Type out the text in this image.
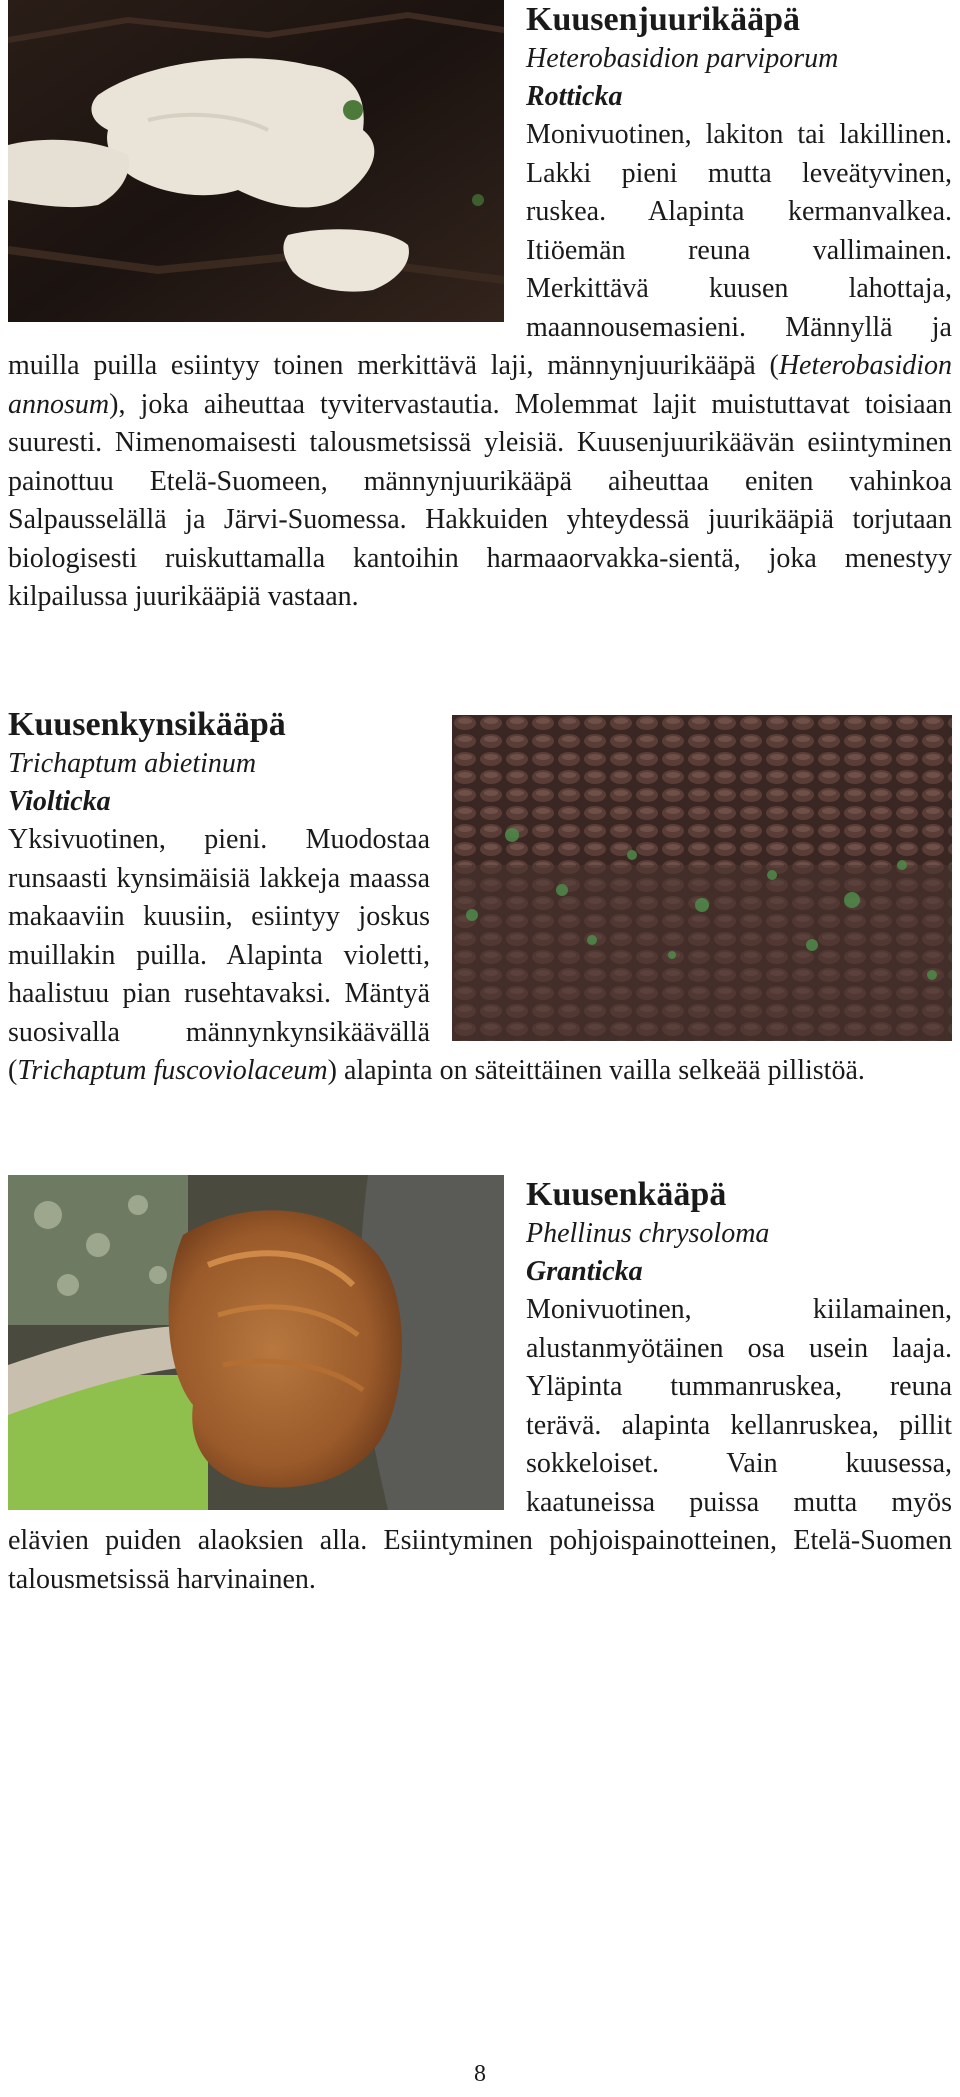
Kuusenjuurikääpä

Heterobasidion parviporum

Rotticka

Monivuotinen, lakiton tai lakillinen. Lakki pieni mutta leveätyvinen, ruskea. Alapinta kermanvalkea. Itiöemän reuna vallimainen. Merkittävä kuusen lahottaja, maannousemasieni. Männyllä ja muilla puilla esiintyy toinen merkittävä laji, männynjuurikääpä (Heterobasidion annosum), joka aiheuttaa tyvitervastautia. Molemmat lajit muistuttavat toisiaan suuresti. Nimenomaisesti talousmetsissä yleisiä. Kuusenjuurikäävän esiintyminen painottuu Etelä-Suomeen, männynjuurikääpä aiheuttaa eniten vahinkoa Salpausselällä ja Järvi-Suomessa. Hakkuiden yhteydessä juurikääpiä torjutaan biologisesti ruiskuttamalla kantoihin harmaaorvakka-sientä, joka menestyy kilpailussa juurikääpiä vastaan.

Kuusenkynsikääpä

Trichaptum abietinum

Violticka

Yksivuotinen, pieni. Muodostaa runsaasti kynsimäisiä lakkeja maassa makaaviin kuusiin, esiintyy joskus muillakin puilla. Alapinta violetti, haalistuu pian rusehtavaksi. Mäntyä suosivalla männynkynsikäävällä (Trichaptum fuscoviolaceum) alapinta on säteittäinen vailla selkeää pillistöä.

Kuusenkääpä

Phellinus chrysoloma

Granticka

Monivuotinen, kiilamainen, alustanmyötäinen osa usein laaja. Yläpinta tummanruskea, reuna terävä. alapinta kellanruskea, pillit sokkeloiset. Vain kuusessa, kaatuneissa puissa mutta myös elävien puiden alaoksien alla. Esiintyminen pohjoispainotteinen, Etelä-Suomen talousmetsissä harvinainen.

8
